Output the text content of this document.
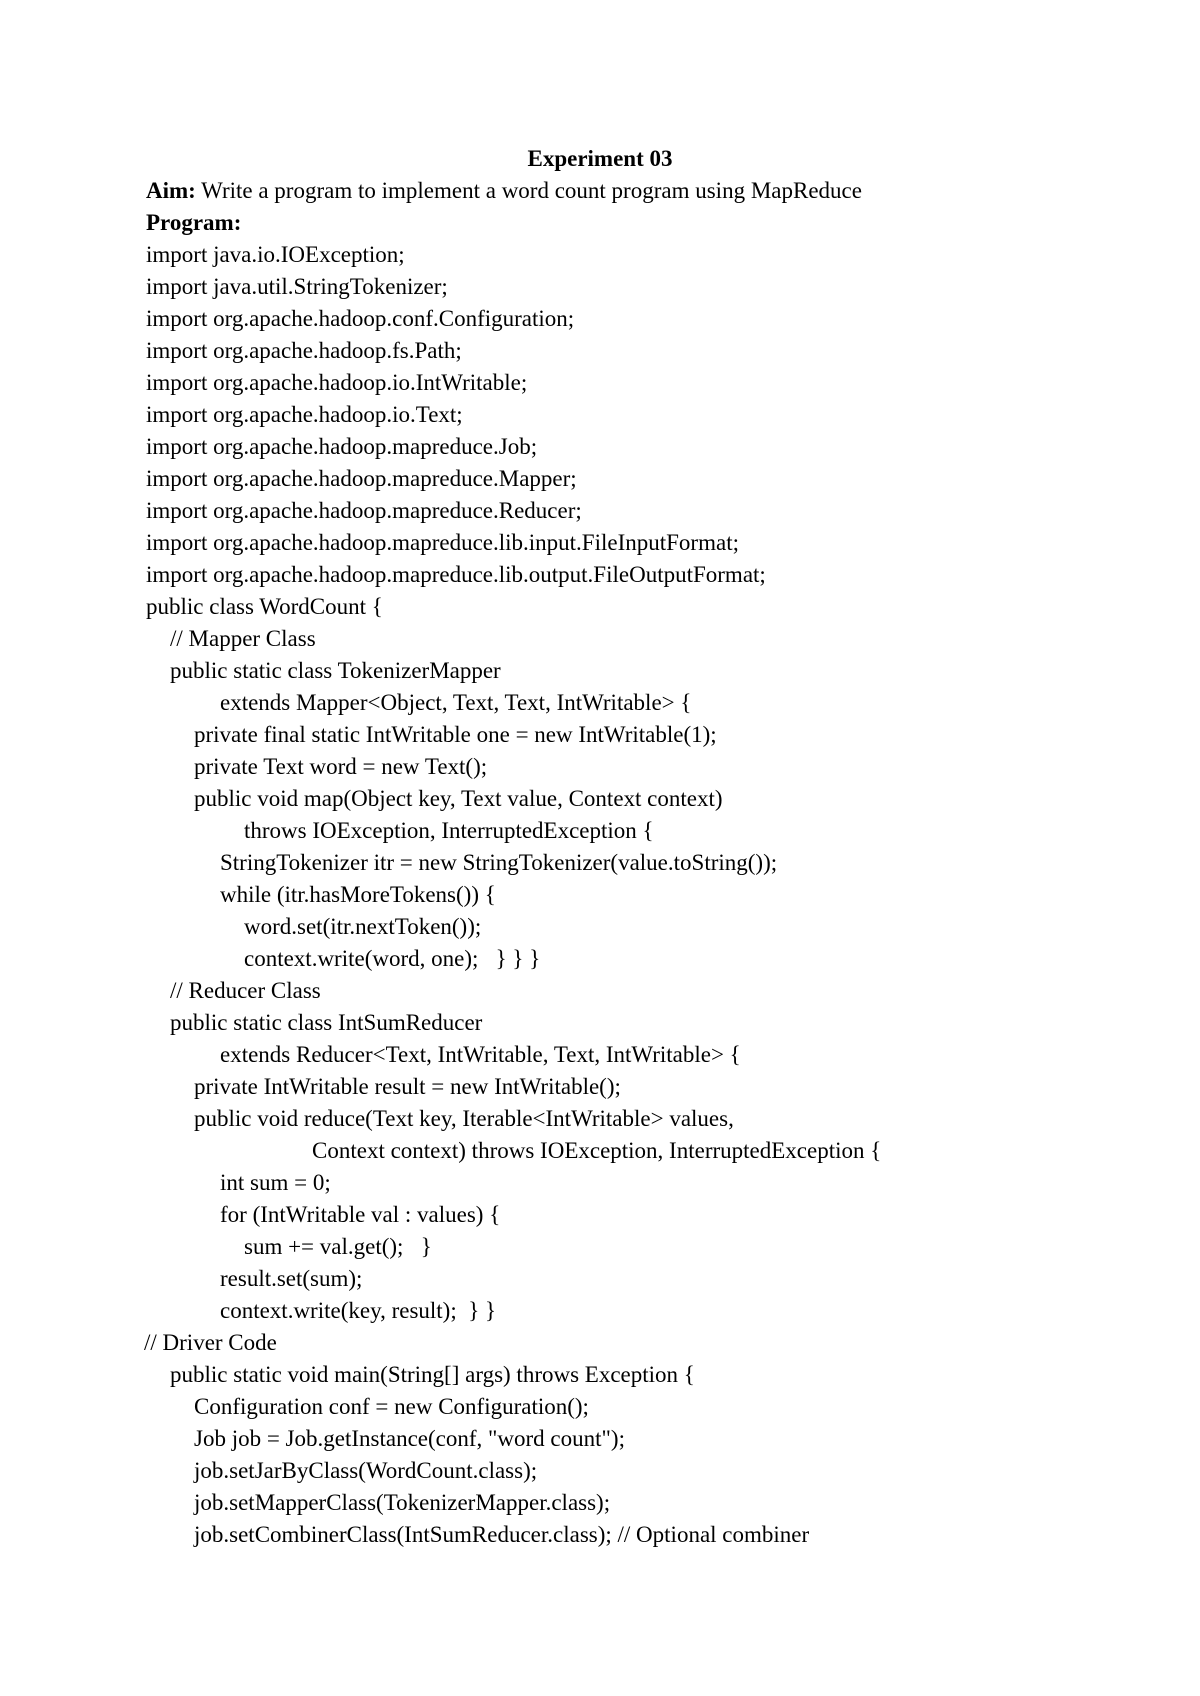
Experiment 03
Aim: Write a program to implement a word count program using MapReduce
Program:
import java.io.IOException;
import java.util.StringTokenizer;
import org.apache.hadoop.conf.Configuration;
import org.apache.hadoop.fs.Path;
import org.apache.hadoop.io.IntWritable;
import org.apache.hadoop.io.Text;
import org.apache.hadoop.mapreduce.Job;
import org.apache.hadoop.mapreduce.Mapper;
import org.apache.hadoop.mapreduce.Reducer;
import org.apache.hadoop.mapreduce.lib.input.FileInputFormat;
import org.apache.hadoop.mapreduce.lib.output.FileOutputFormat;
public class WordCount {
// Mapper Class
public static class TokenizerMapper
extends Mapper<Object, Text, Text, IntWritable> {
private final static IntWritable one = new IntWritable(1);
private Text word = new Text();
public void map(Object key, Text value, Context context)
throws IOException, InterruptedException {
StringTokenizer itr = new StringTokenizer(value.toString());
while (itr.hasMoreTokens()) {
word.set(itr.nextToken());
context.write(word, one);   } } }
// Reducer Class
public static class IntSumReducer
extends Reducer<Text, IntWritable, Text, IntWritable> {
private IntWritable result = new IntWritable();
public void reduce(Text key, Iterable<IntWritable> values,
Context context) throws IOException, InterruptedException {
int sum = 0;
for (IntWritable val : values) {
sum += val.get();   }
result.set(sum);
context.write(key, result);  } }
// Driver Code
public static void main(String[] args) throws Exception {
Configuration conf = new Configuration();
Job job = Job.getInstance(conf, "word count");
job.setJarByClass(WordCount.class);
job.setMapperClass(TokenizerMapper.class);
job.setCombinerClass(IntSumReducer.class); // Optional combiner
